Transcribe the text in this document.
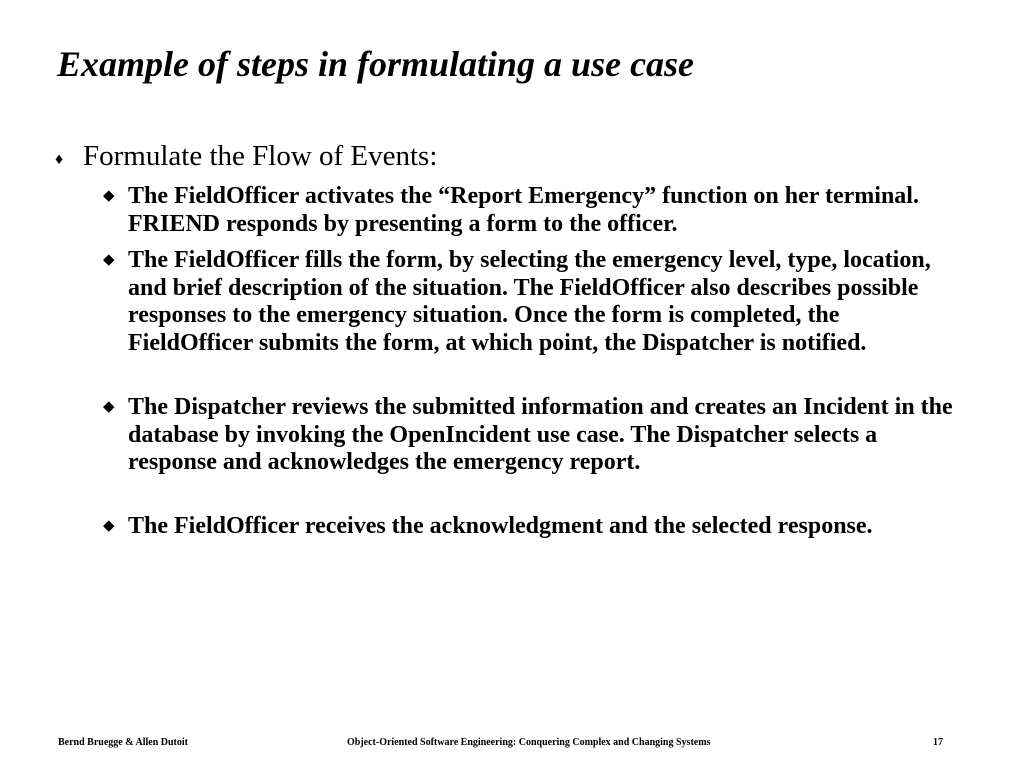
Example of steps in formulating a use case
♦ Formulate the Flow of Events:
◆ The FieldOfficer activates the “Report Emergency” function on her terminal. FRIEND responds by presenting a form to the officer.
◆ The FieldOfficer fills the form, by selecting the emergency level, type, location, and brief description of the situation. The FieldOfficer also describes possible responses to the emergency situation. Once the form is completed, the FieldOfficer submits the form, at which point, the Dispatcher is notified.
◆ The Dispatcher reviews the submitted information and creates an Incident in the database by invoking the OpenIncident use case. The Dispatcher selects a response and acknowledges the emergency report.
◆ The FieldOfficer receives the acknowledgment and the selected response.
Bernd Bruegge & Allen Dutoit	Object-Oriented Software Engineering: Conquering Complex and Changing Systems	17
